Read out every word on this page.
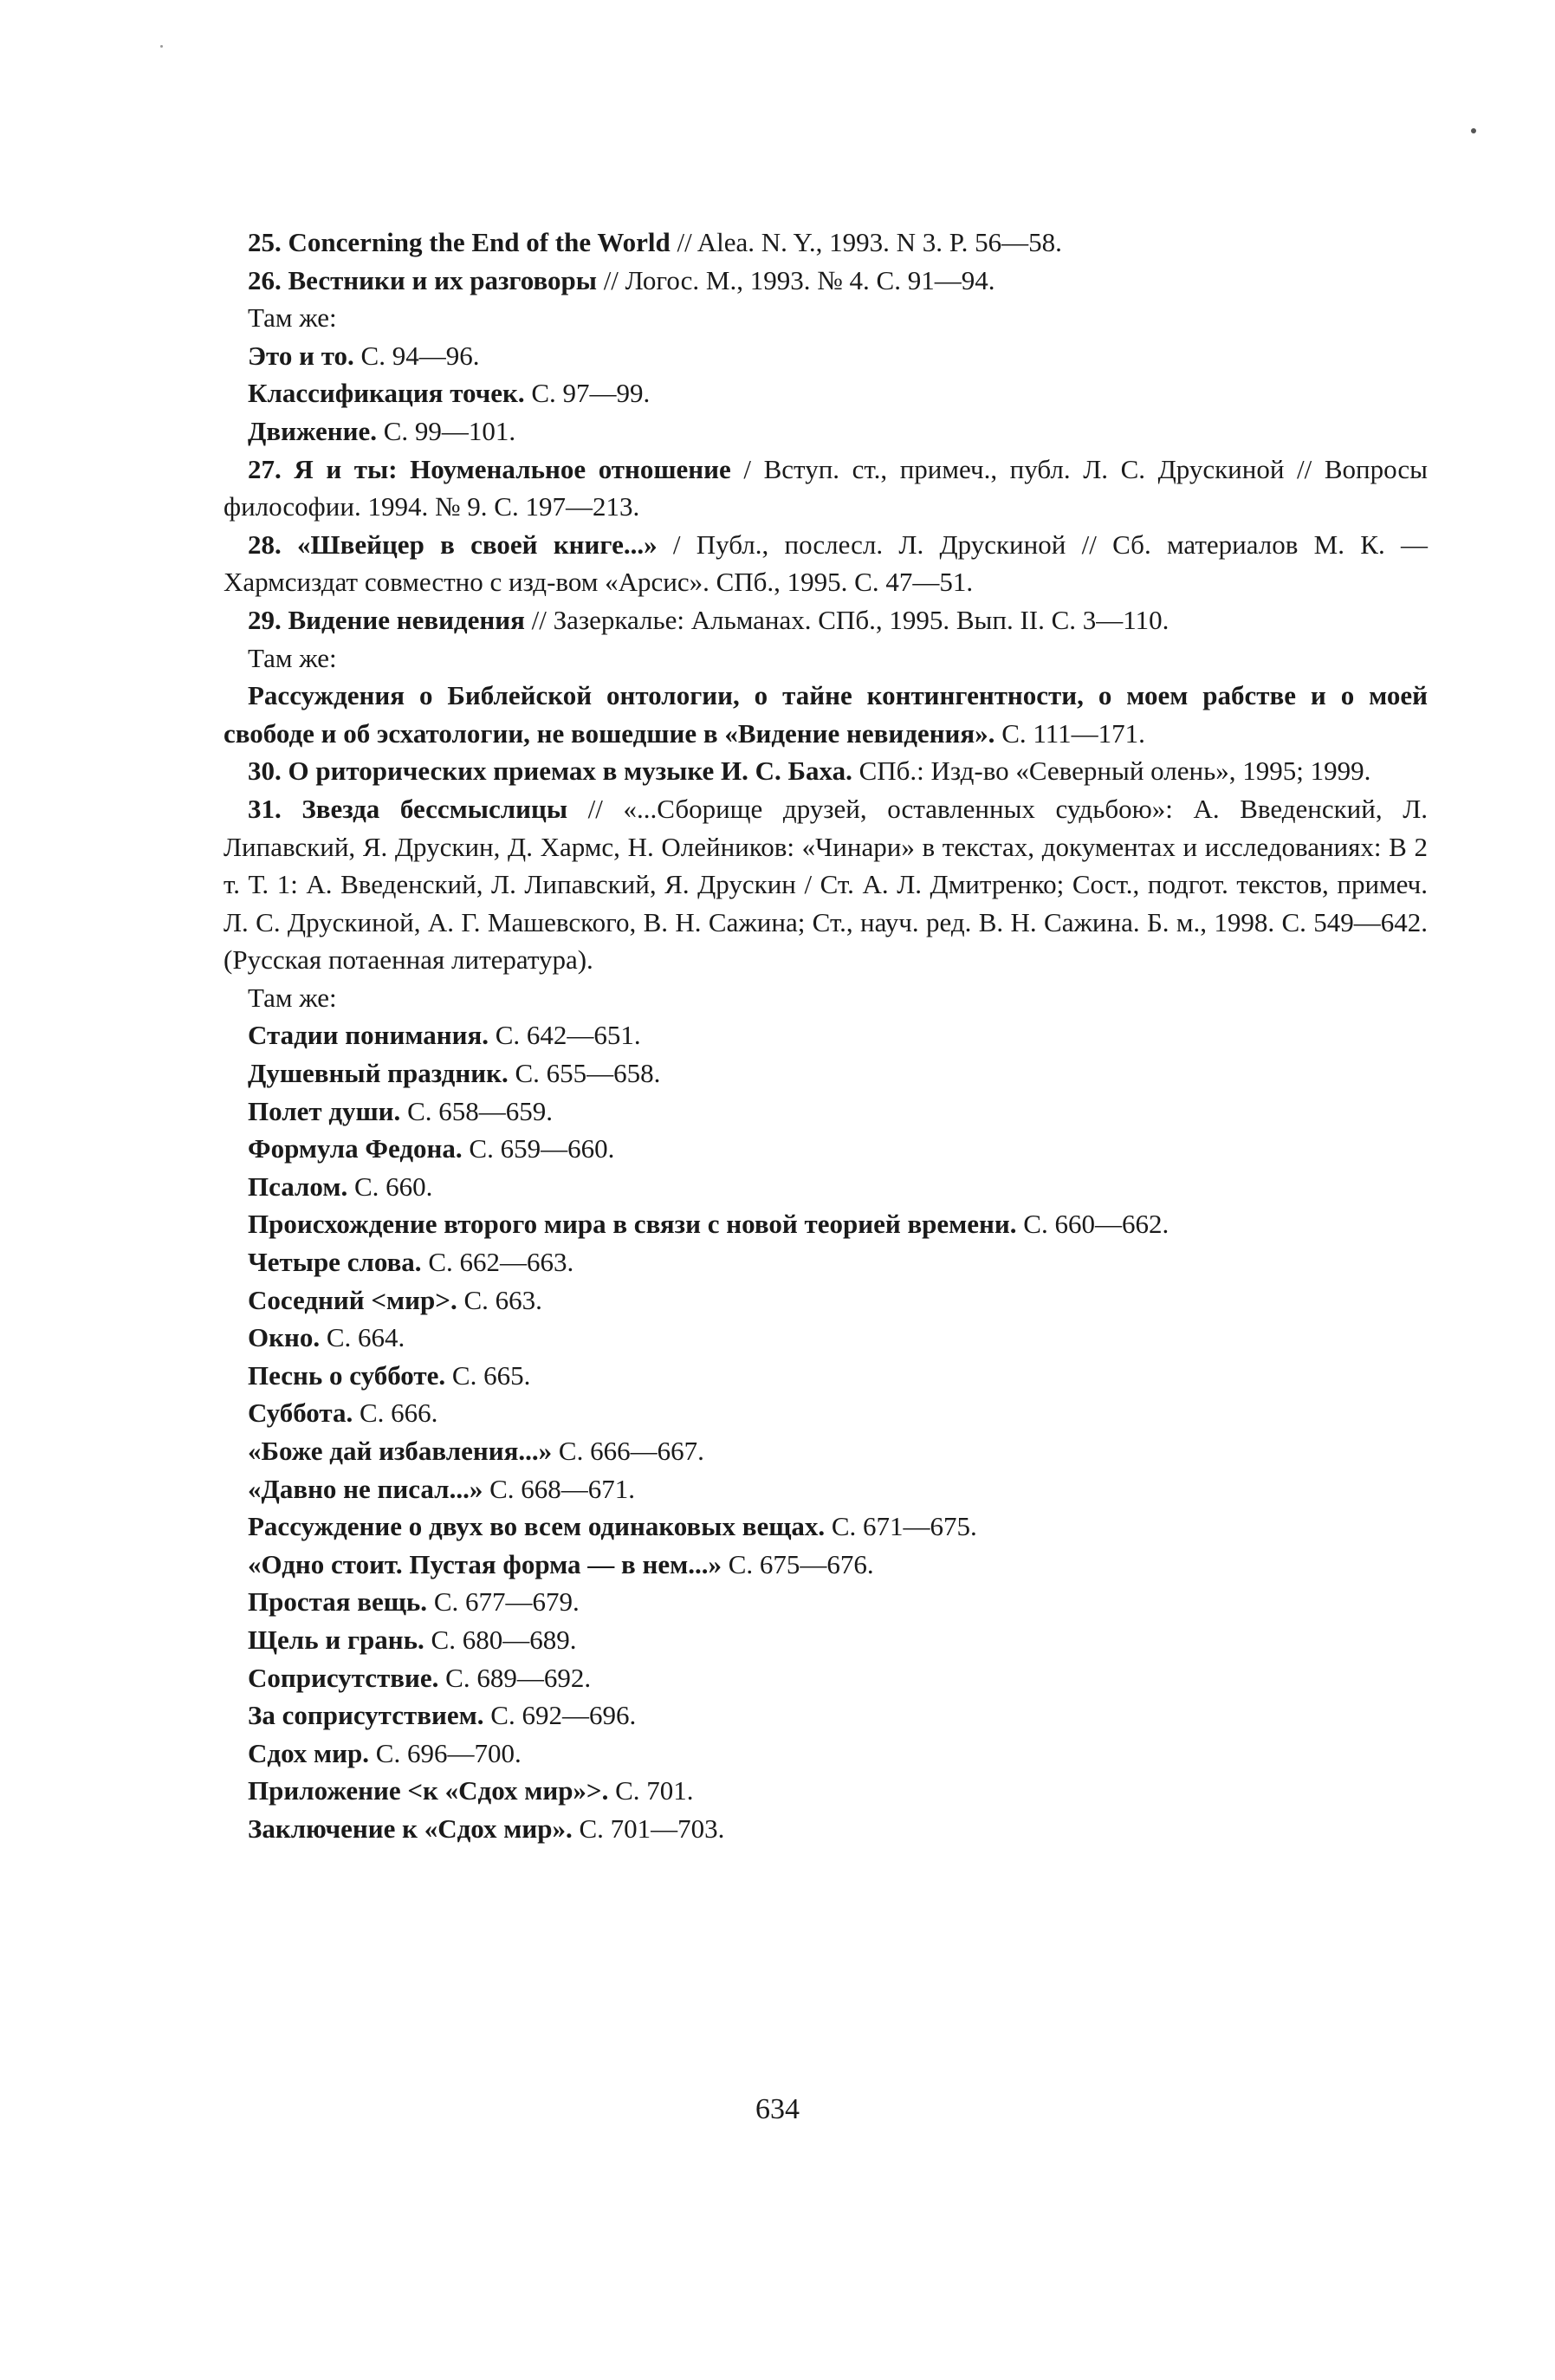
25. Concerning the End of the World // Alea. N. Y., 1993. N 3. P. 56—58.

26. Вестники и их разговоры // Логос. М., 1993. № 4. С. 91—94.

Там же:

Это и то. С. 94—96.

Классификация точек. С. 97—99.

Движение. С. 99—101.

27. Я и ты: Ноуменальное отношение / Вступ. ст., примеч., публ. Л. С. Друскиной // Вопросы философии. 1994. № 9. С. 197—213.

28. «Швейцер в своей книге...» / Публ., послесл. Л. Друскиной // Сб. материалов М. К. — Хармсиздат совместно с изд-вом «Арсис». СПб., 1995. С. 47—51.

29. Видение невидения // Зазеркалье: Альманах. СПб., 1995. Вып. II. С. 3—110.

Там же:

Рассуждения о Библейской онтологии, о тайне контингентности, о моем рабстве и о моей свободе и об эсхатологии, не вошедшие в «Видение невидения». С. 111—171.

30. О риторических приемах в музыке И. С. Баха. СПб.: Изд-во «Северный олень», 1995; 1999.

31. Звезда бессмыслицы // «...Сборище друзей, оставленных судьбою»: А. Введенский, Л. Липавский, Я. Друскин, Д. Хармс, Н. Олейников: «Чинари» в текстах, документах и исследованиях: В 2 т. Т. 1: А. Введенский, Л. Липавский, Я. Друскин / Ст. А. Л. Дмитренко; Сост., подгот. текстов, примеч. Л. С. Друскиной, А. Г. Машевского, В. Н. Сажина; Ст., науч. ред. В. Н. Сажина. Б. м., 1998. С. 549—642. (Русская потаенная литература).

Там же:

Стадии понимания. С. 642—651.

Душевный праздник. С. 655—658.

Полет души. С. 658—659.

Формула Федона. С. 659—660.

Псалом. С. 660.

Происхождение второго мира в связи с новой теорией времени. С. 660—662.

Четыре слова. С. 662—663.

Соседний <мир>. С. 663.

Окно. С. 664.

Песнь о субботе. С. 665.

Суббота. С. 666.

«Боже дай избавления...» С. 666—667.

«Давно не писал...» С. 668—671.

Рассуждение о двух во всем одинаковых вещах. С. 671—675.

«Одно стоит. Пустая форма — в нем...» С. 675—676.

Простая вещь. С. 677—679.

Щель и грань. С. 680—689.

Соприсутствие. С. 689—692.

За соприсутствием. С. 692—696.

Сдох мир. С. 696—700.

Приложение <к «Сдох мир»>. С. 701.

Заключение к «Сдох мир». С. 701—703.

634
